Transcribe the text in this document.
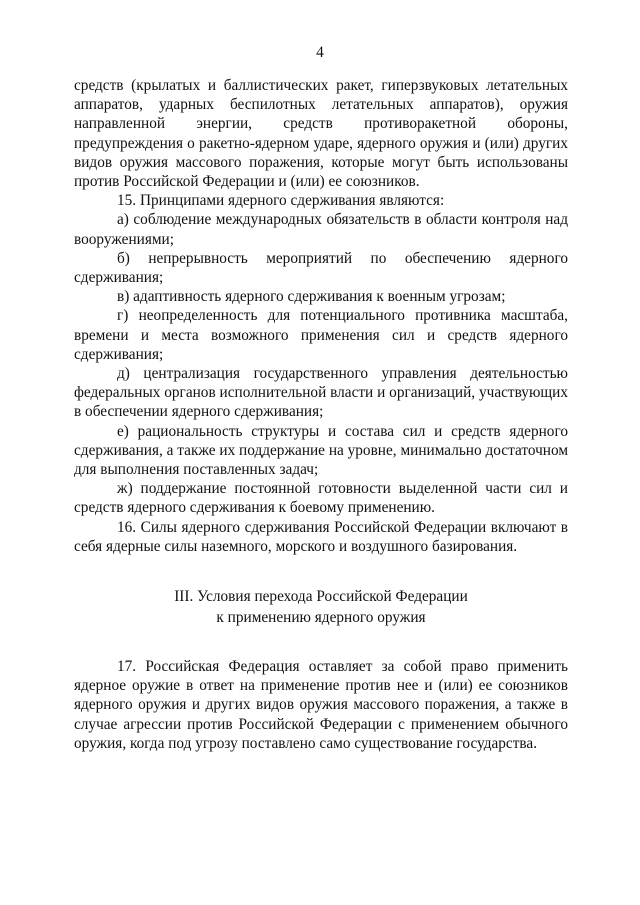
4

средств (крылатых и баллистических ракет, гиперзвуковых летательных аппаратов, ударных беспилотных летательных аппаратов), оружия направленной энергии, средств противоракетной обороны, предупреждения о ракетно-ядерном ударе, ядерного оружия и (или) других видов оружия массового поражения, которые могут быть использованы против Российской Федерации и (или) ее союзников.

15. Принципами ядерного сдерживания являются:

а) соблюдение международных обязательств в области контроля над вооружениями;

б) непрерывность мероприятий по обеспечению ядерного сдерживания;

в) адаптивность ядерного сдерживания к военным угрозам;

г) неопределенность для потенциального противника масштаба, времени и места возможного применения сил и средств ядерного сдерживания;

д) централизация государственного управления деятельностью федеральных органов исполнительной власти и организаций, участвующих в обеспечении ядерного сдерживания;

е) рациональность структуры и состава сил и средств ядерного сдерживания, а также их поддержание на уровне, минимально достаточном для выполнения поставленных задач;

ж) поддержание постоянной готовности выделенной части сил и средств ядерного сдерживания к боевому применению.

16. Силы ядерного сдерживания Российской Федерации включают в себя ядерные силы наземного, морского и воздушного базирования.

III. Условия перехода Российской Федерации
к применению ядерного оружия

17. Российская Федерация оставляет за собой право применить ядерное оружие в ответ на применение против нее и (или) ее союзников ядерного оружия и других видов оружия массового поражения, а также в случае агрессии против Российской Федерации с применением обычного оружия, когда под угрозу поставлено само существование государства.
